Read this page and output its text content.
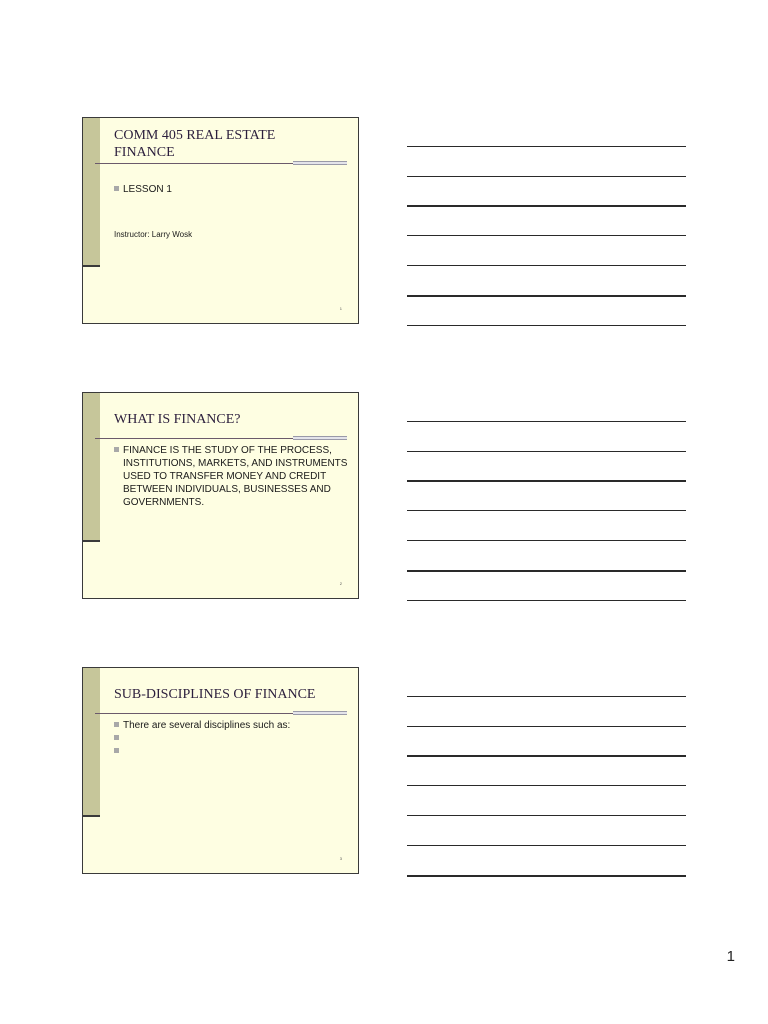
COMM 405 REAL ESTATE
FINANCE
LESSON 1
Instructor: Larry Wosk
1
WHAT IS FINANCE?
FINANCE IS THE STUDY OF THE PROCESS, INSTITUTIONS, MARKETS, AND INSTRUMENTS USED TO TRANSFER MONEY AND CREDIT BETWEEN INDIVIDUALS, BUSINESSES AND GOVERNMENTS.
2
SUB-DISCIPLINES OF FINANCE
There are several disciplines such as:
3
1
